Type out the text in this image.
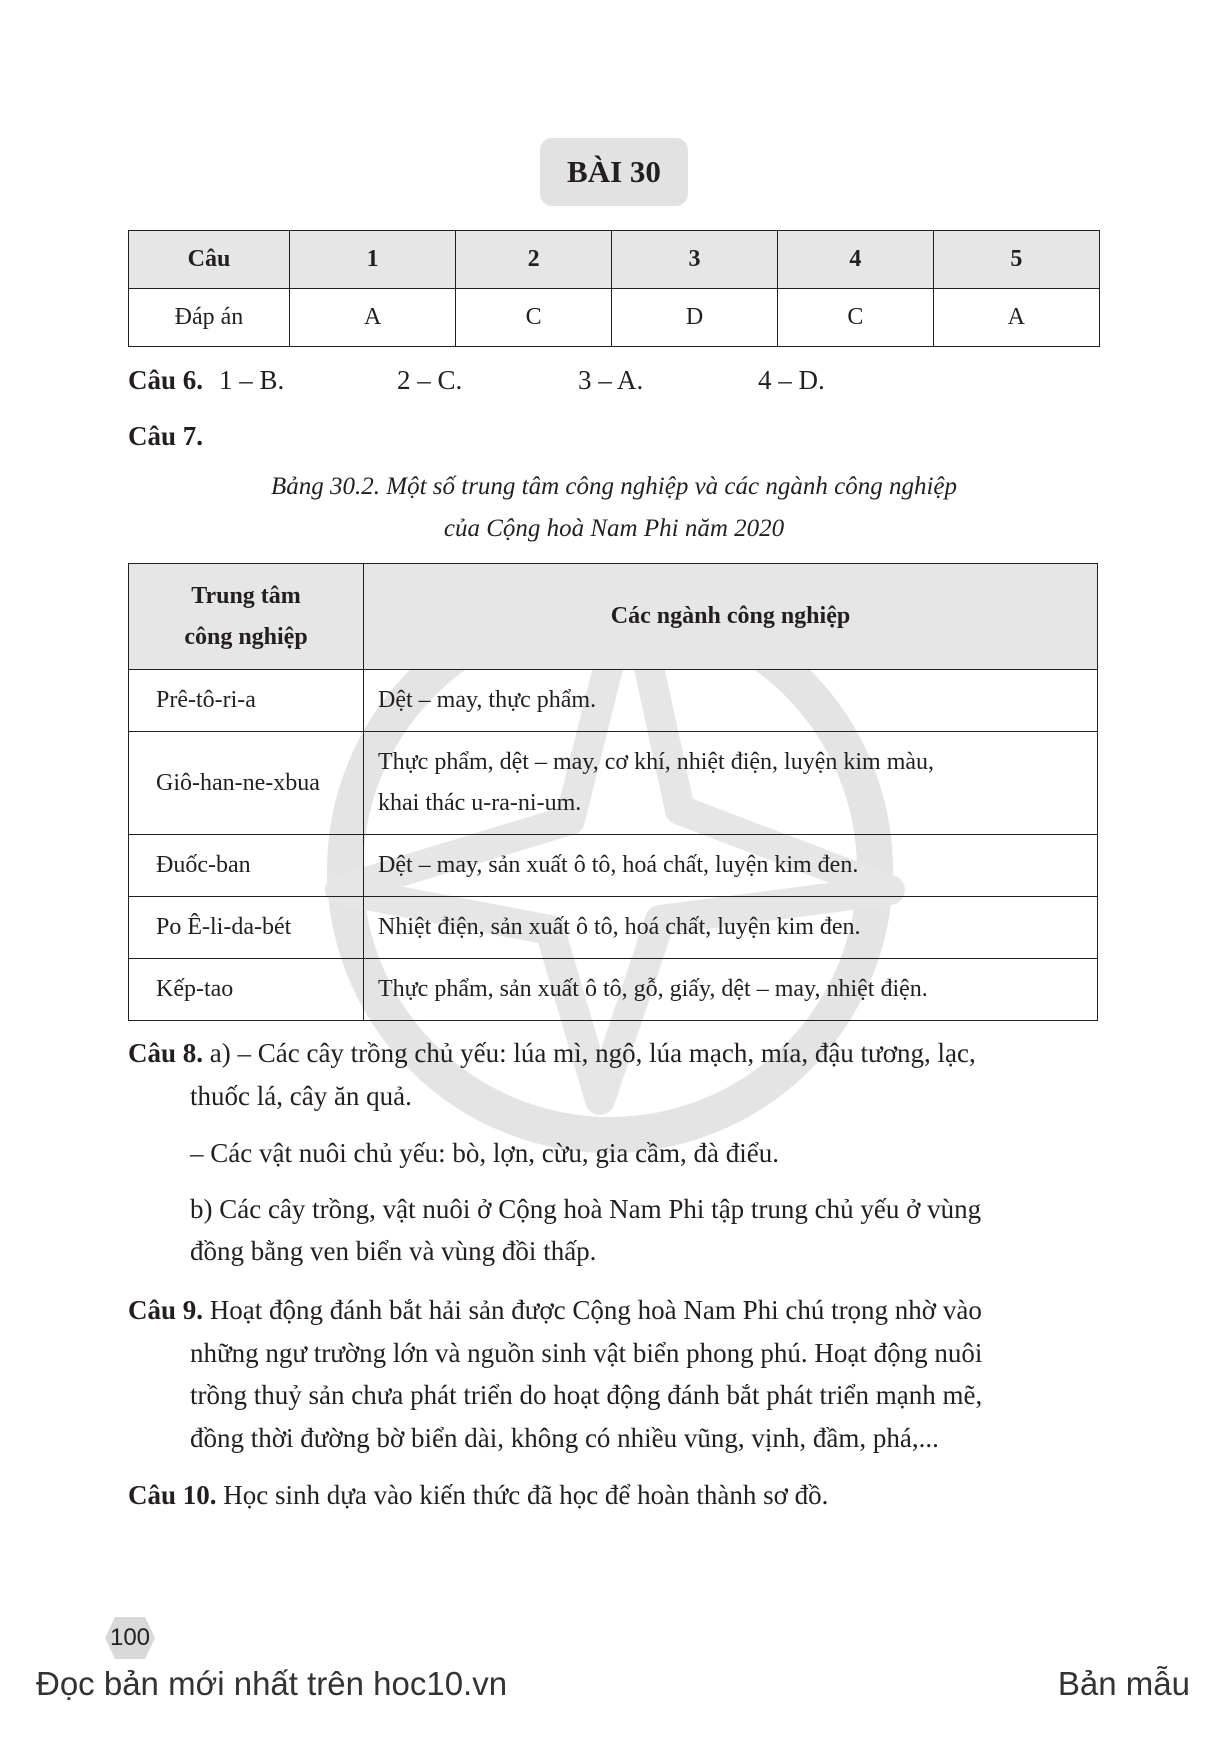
BÀI 30
Câu	1	2	3	4	5
Đáp án	A	C	D	C	A
Câu 6. 1 – B.	2 – C.	3 – A.	4 – D.
Câu 7.
Bảng 30.2. Một số trung tâm công nghiệp và các ngành công nghiệp
của Cộng hoà Nam Phi năm 2020
Trung tâm
công nghiệp	Các ngành công nghiệp
Prê-tô-ri-a	Dệt – may, thực phẩm.
Giô-han-ne-xbua	Thực phẩm, dệt – may, cơ khí, nhiệt điện, luyện kim màu,
khai thác u-ra-ni-um.
Đuốc-ban	Dệt – may, sản xuất ô tô, hoá chất, luyện kim đen.
Po Ê-li-da-bét	Nhiệt điện, sản xuất ô tô, hoá chất, luyện kim đen.
Kếp-tao	Thực phẩm, sản xuất ô tô, gỗ, giấy, dệt – may, nhiệt điện.
Câu 8. a) – Các cây trồng chủ yếu: lúa mì, ngô, lúa mạch, mía, đậu tương, lạc,
thuốc lá, cây ăn quả.
– Các vật nuôi chủ yếu: bò, lợn, cừu, gia cầm, đà điểu.
b) Các cây trồng, vật nuôi ở Cộng hoà Nam Phi tập trung chủ yếu ở vùng
đồng bằng ven biển và vùng đồi thấp.
Câu 9. Hoạt động đánh bắt hải sản được Cộng hoà Nam Phi chú trọng nhờ vào
những ngư trường lớn và nguồn sinh vật biển phong phú. Hoạt động nuôi
trồng thuỷ sản chưa phát triển do hoạt động đánh bắt phát triển mạnh mẽ,
đồng thời đường bờ biển dài, không có nhiều vũng, vịnh, đầm, phá,...
Câu 10. Học sinh dựa vào kiến thức đã học để hoàn thành sơ đồ.
100
Đọc bản mới nhất trên hoc10.vn	Bản mẫu
